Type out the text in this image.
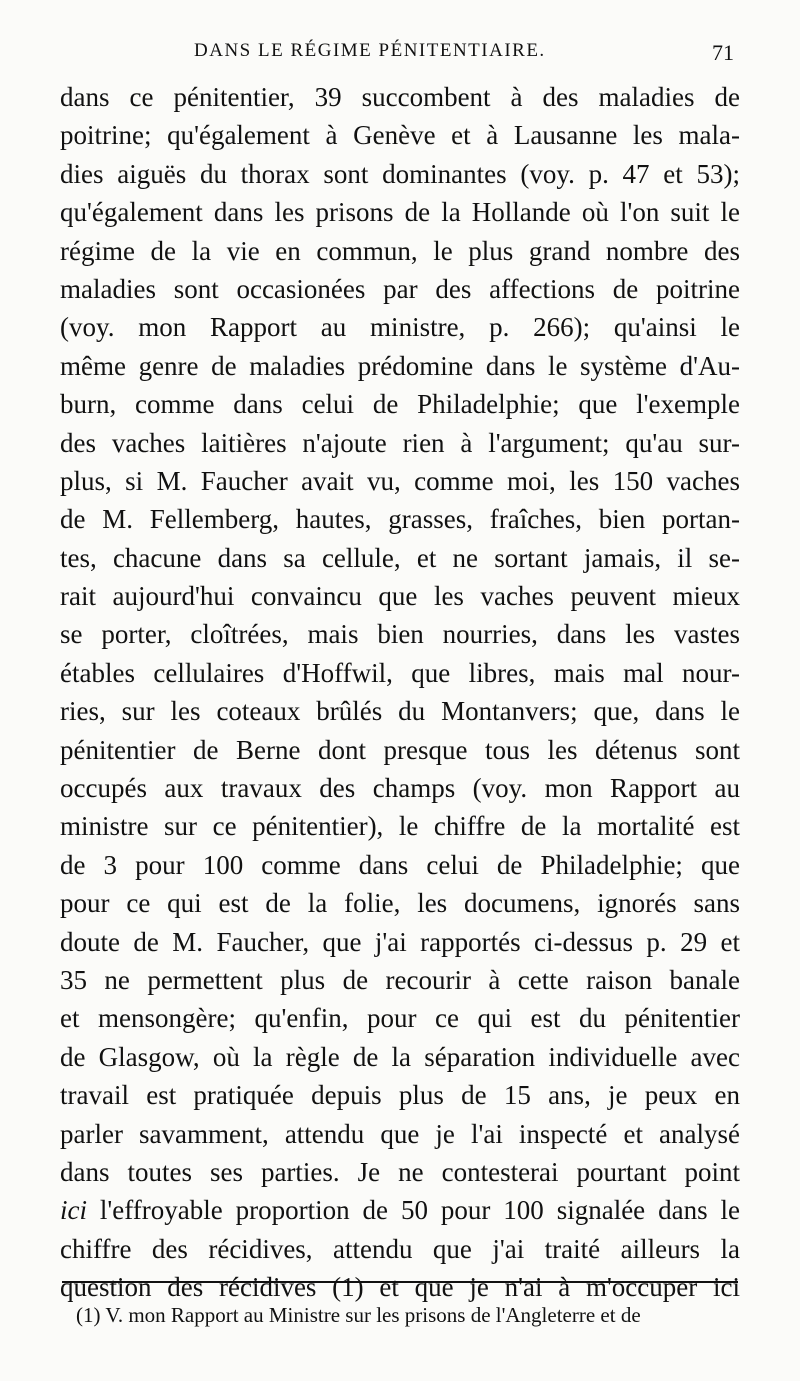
DANS LE RÉGIME PÉNITENTIAIRE.	71
dans ce pénitentier, 39 succombent à des maladies de
poitrine; qu'également à Genève et à Lausanne les mala-
dies aiguës du thorax sont dominantes (voy. p. 47 et 53);
qu'également dans les prisons de la Hollande où l'on suit le
régime de la vie en commun, le plus grand nombre des
maladies sont occasionées par des affections de poitrine
(voy. mon Rapport au ministre, p. 266); qu'ainsi le
même genre de maladies prédomine dans le système d'Au-
burn, comme dans celui de Philadelphie; que l'exemple
des vaches laitières n'ajoute rien à l'argument; qu'au sur-
plus, si M. Faucher avait vu, comme moi, les 150 vaches
de M. Fellemberg, hautes, grasses, fraîches, bien portan-
tes, chacune dans sa cellule, et ne sortant jamais, il se-
rait aujourd'hui convaincu que les vaches peuvent mieux
se porter, cloîtrées, mais bien nourries, dans les vastes
étables cellulaires d'Hoffwil, que libres, mais mal nour-
ries, sur les coteaux brûlés du Montanvers; que, dans le
pénitentier de Berne dont presque tous les détenus sont
occupés aux travaux des champs (voy. mon Rapport au
ministre sur ce pénitentier), le chiffre de la mortalité est
de 3 pour 100 comme dans celui de Philadelphie; que
pour ce qui est de la folie, les documens, ignorés sans
doute de M. Faucher, que j'ai rapportés ci-dessus p. 29 et
35 ne permettent plus de recourir à cette raison banale
et mensongère; qu'enfin, pour ce qui est du pénitentier
de Glasgow, où la règle de la séparation individuelle avec
travail est pratiquée depuis plus de 15 ans, je peux en
parler savamment, attendu que je l'ai inspecté et analysé
dans toutes ses parties. Je ne contesterai pourtant point
ici l'effroyable proportion de 50 pour 100 signalée dans le
chiffre des récidives, attendu que j'ai traité ailleurs la
question des récidives (1) et que je n'ai à m'occuper ici
(1) V. mon Rapport au Ministre sur les prisons de l'Angleterre et de
